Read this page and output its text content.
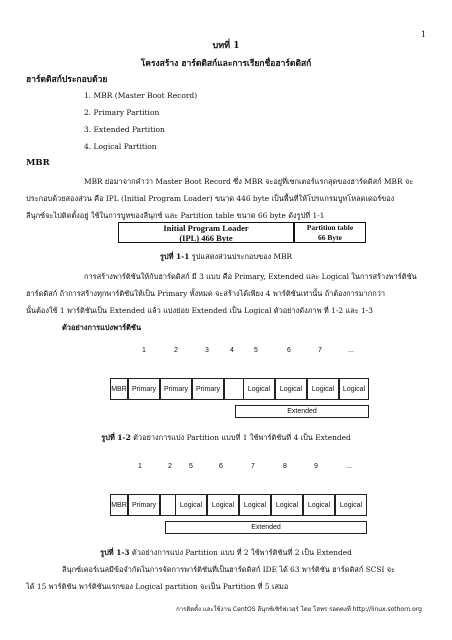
1
บทที่ 1
โครงสร้าง ฮาร์ดดิสก์และการเรียกชื่อฮาร์ดดิสก์
ฮาร์ดดิสก์ประกอบด้วย
1. MBR (Master Boot Record)
2. Primary Partition
3. Extended Partition
4. Logical Partition
MBR
MBR ย่อมาจากคำว่า Master Boot Record ซึ่ง MBR จะอยู่ที่เซกเตอร์แรกสุดของฮาร์ดดิสก์ MBR จะ
ประกอบด้วยสองส่วน คือ IPL (Initial Program Loader) ขนาด 446 byte เป็นพื้นที่ให้โปรแกรมบูทโหลดเดอร์ของ
ลีนุกซ์จะไปติดตั้งอยู่ ใช้ในการบูทของลีนุกซ์ และ Partition table ขนาด 66 byte ดังรูปที่ 1-1
Initial Program Loader
(IPL) 466 Byte
Partition table
66 Byte
รูปที่ 1-1 รูปแสดงส่วนประกอบของ MBR
การสร้างพาร์ติชันให้กับฮาร์ดดิสก์ มี 3 แบบ คือ Primary, Extended และ Logical ในการสร้างพาร์ติชัน
ฮาร์ดดิสก์ ถ้าการสร้างทุกพาร์ติชันให้เป็น Primary ทั้งหมด จะสร้างได้เพียง 4 พาร์ติชันเท่านั้น ถ้าต้องการมากกว่า
นั้นต้องใช้ 1 พาร์ติชันเป็น Extended แล้ว แบ่งย่อย Extended เป็น Logical ตัวอย่างดังภาพ ที่ 1-2 และ 1-3
ตัวอย่างการแบ่งพาร์ติชัน
1	2	3	4	5	6	7	...
MBR Primary	Primary	Primary	Logical	Logical	Logical	Logical
Extended
รูปที่ 1-2 ตัวอย่างการแบ่ง Partition แบบที่ 1 ใช้พาร์ติชันที่ 4 เป็น Extended
1	2 5	6	7	8	9	...
MBR Primary	Logical	Logical	Logical	Logical	Logical	Logical
Extended
รูปที่ 1-3 ตัวอย่างการแบ่ง Partition แบบ ที่ 2 ใช้พาร์ติชันที่ 2 เป็น Extended
ลีนุกซ์เคอร์เนลมีข้อจำกัดในการจัดการพาร์ติชันที่เป็นฮาร์ดดิสก์ IDE ได้ 63 พาร์ติชัน ฮาร์ดดิสก์ SCSI จะ
ได้ 15 พาร์ติชัน พาร์ติชันแรกของ Logical partition จะเป็น Partition ที่ 5 เสมอ
การติดตั้ง และใช้งาน CentOS ลีนุกซ์เซิร์ฟเวอร์ โดย โสทร รอดคงที่ http://linux.sothorn.org
